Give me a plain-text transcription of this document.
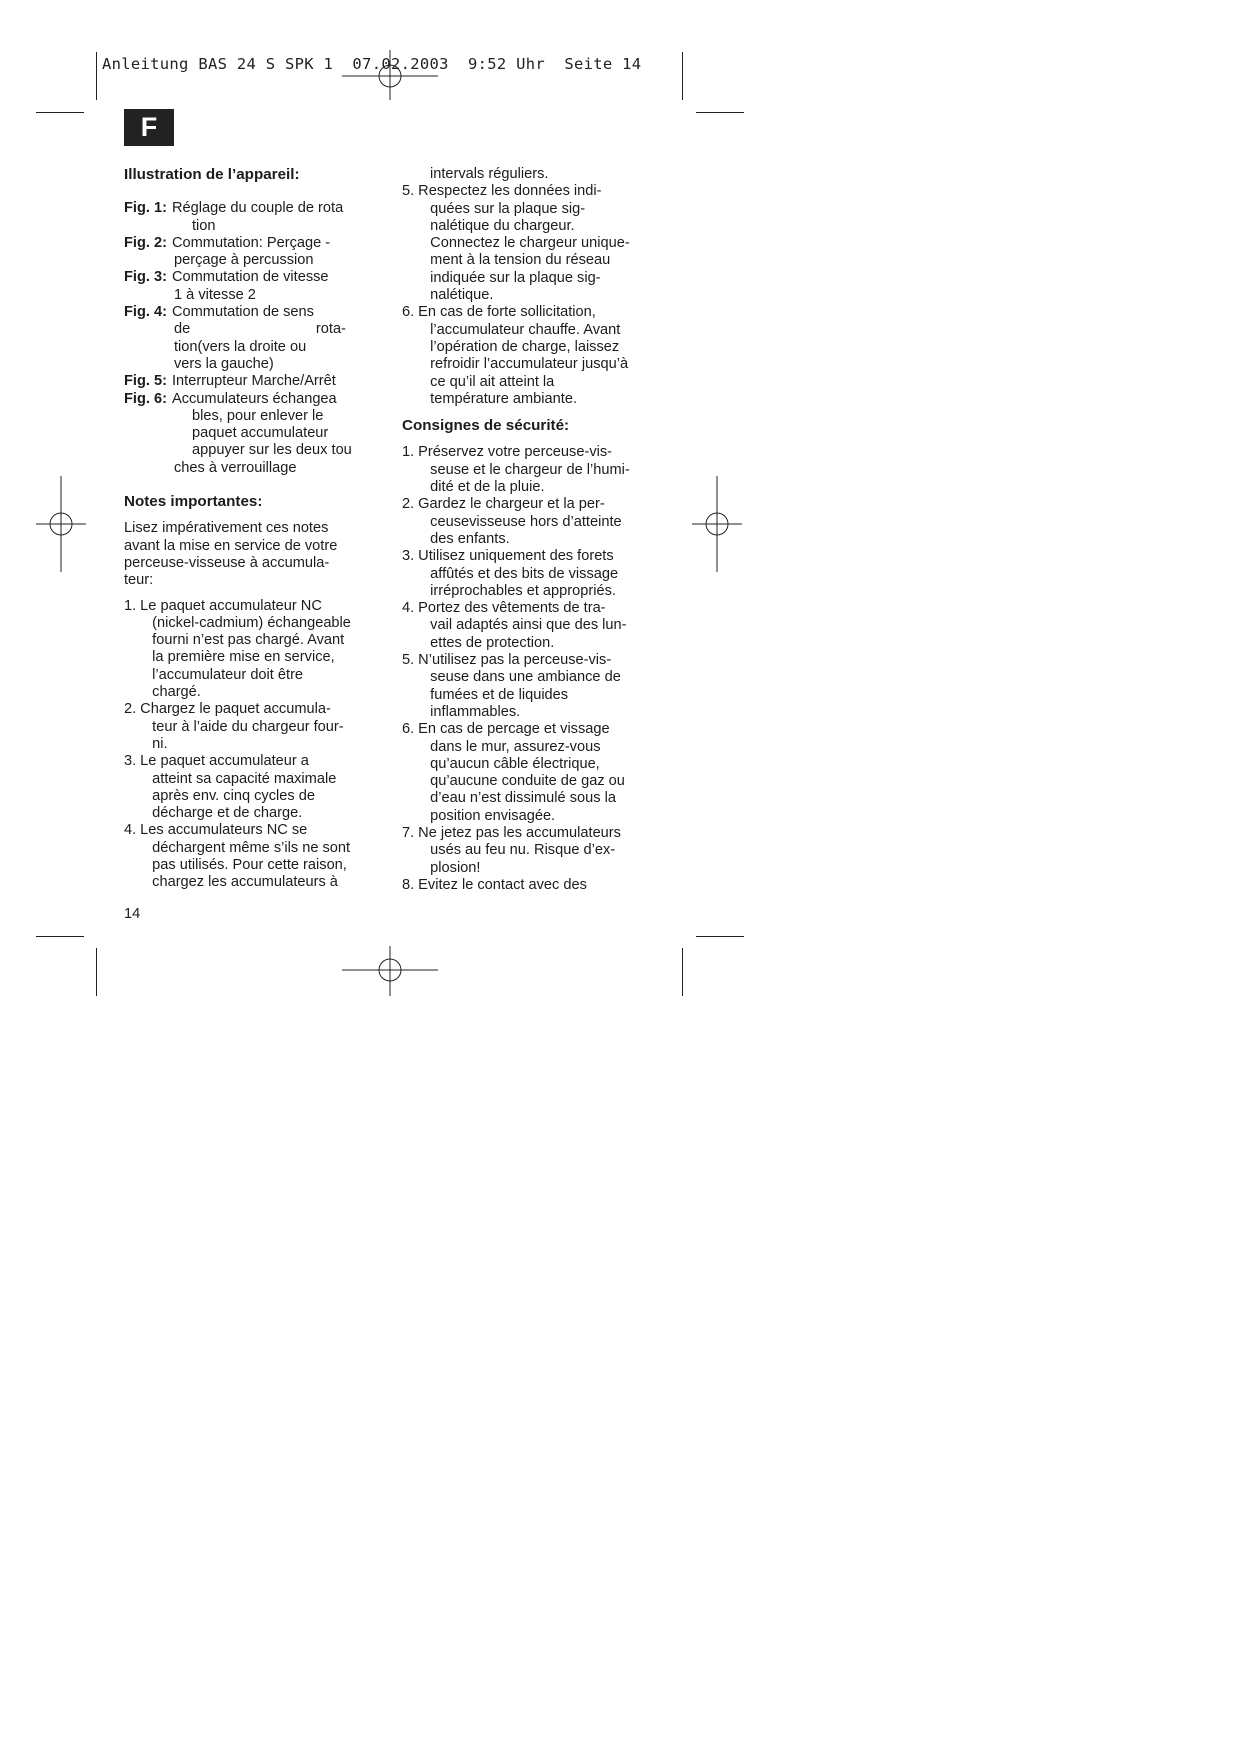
Anleitung BAS 24 S SPK 1  07.02.2003  9:52 Uhr  Seite 14
F

Illustration de l’appareil:

Fig. 1: Réglage du couple de rota
tion
Fig. 2: Commutation: Perçage -
perçage à percussion
Fig. 3: Commutation de vitesse
1 à vitesse 2
Fig. 4: Commutation de sens
de                               rota-
tion(vers la droite ou
vers la gauche)
Fig. 5: Interrupteur Marche/Arrêt
Fig. 6: Accumulateurs échangea
bles, pour enlever le
paquet accumulateur
appuyer sur les deux tou
ches à verrouillage

Notes importantes:

Lisez impérativement ces notes
avant la mise en service de votre
perceuse-visseuse à accumula-
teur:
1. Le paquet accumulateur NC
(nickel-cadmium) échangeable
fourni n’est pas chargé. Avant
la première mise en service,
l’accumulateur doit être
chargé.
2. Chargez le paquet accumula-
teur à l’aide du chargeur four-
ni.
3. Le paquet accumulateur a
atteint sa capacité maximale
après env. cinq cycles de
décharge et de charge.
4. Les accumulateurs NC se
déchargent même s’ils ne sont
pas utilisés. Pour cette raison,
chargez les accumulateurs à
intervals réguliers.
5. Respectez les données indi-
quées sur la plaque sig-
nalétique du chargeur.
Connectez le chargeur unique-
ment à la tension du réseau
indiquée sur la plaque sig-
nalétique.
6. En cas de forte sollicitation,
l’accumulateur chauffe. Avant
l’opération de charge, laissez
refroidir l’accumulateur jusqu’à
ce qu’il ait atteint la
température ambiante.

Consignes de sécurité:

1. Préservez votre perceuse-vis-
seuse et le chargeur de l’humi-
dité et de la pluie.
2. Gardez le chargeur et la per-
ceusevisseuse hors d’atteinte
des enfants.
3. Utilisez uniquement des forets
affûtés et des bits de vissage
irréprochables et appropriés.
4. Portez des vêtements de tra-
vail adaptés ainsi que des lun-
ettes de protection.
5. N’utilisez pas la perceuse-vis-
seuse dans une ambiance de
fumées et de liquides
inflammables.
6. En cas de percage et vissage
dans le mur, assurez-vous
qu’aucun câble électrique,
qu’aucune conduite de gaz ou
d’eau n’est dissimulé sous la
position envisagée.
7. Ne jetez pas les accumulateurs
usés au feu nu. Risque d’ex-
plosion!
8. Evitez le contact avec des
14
